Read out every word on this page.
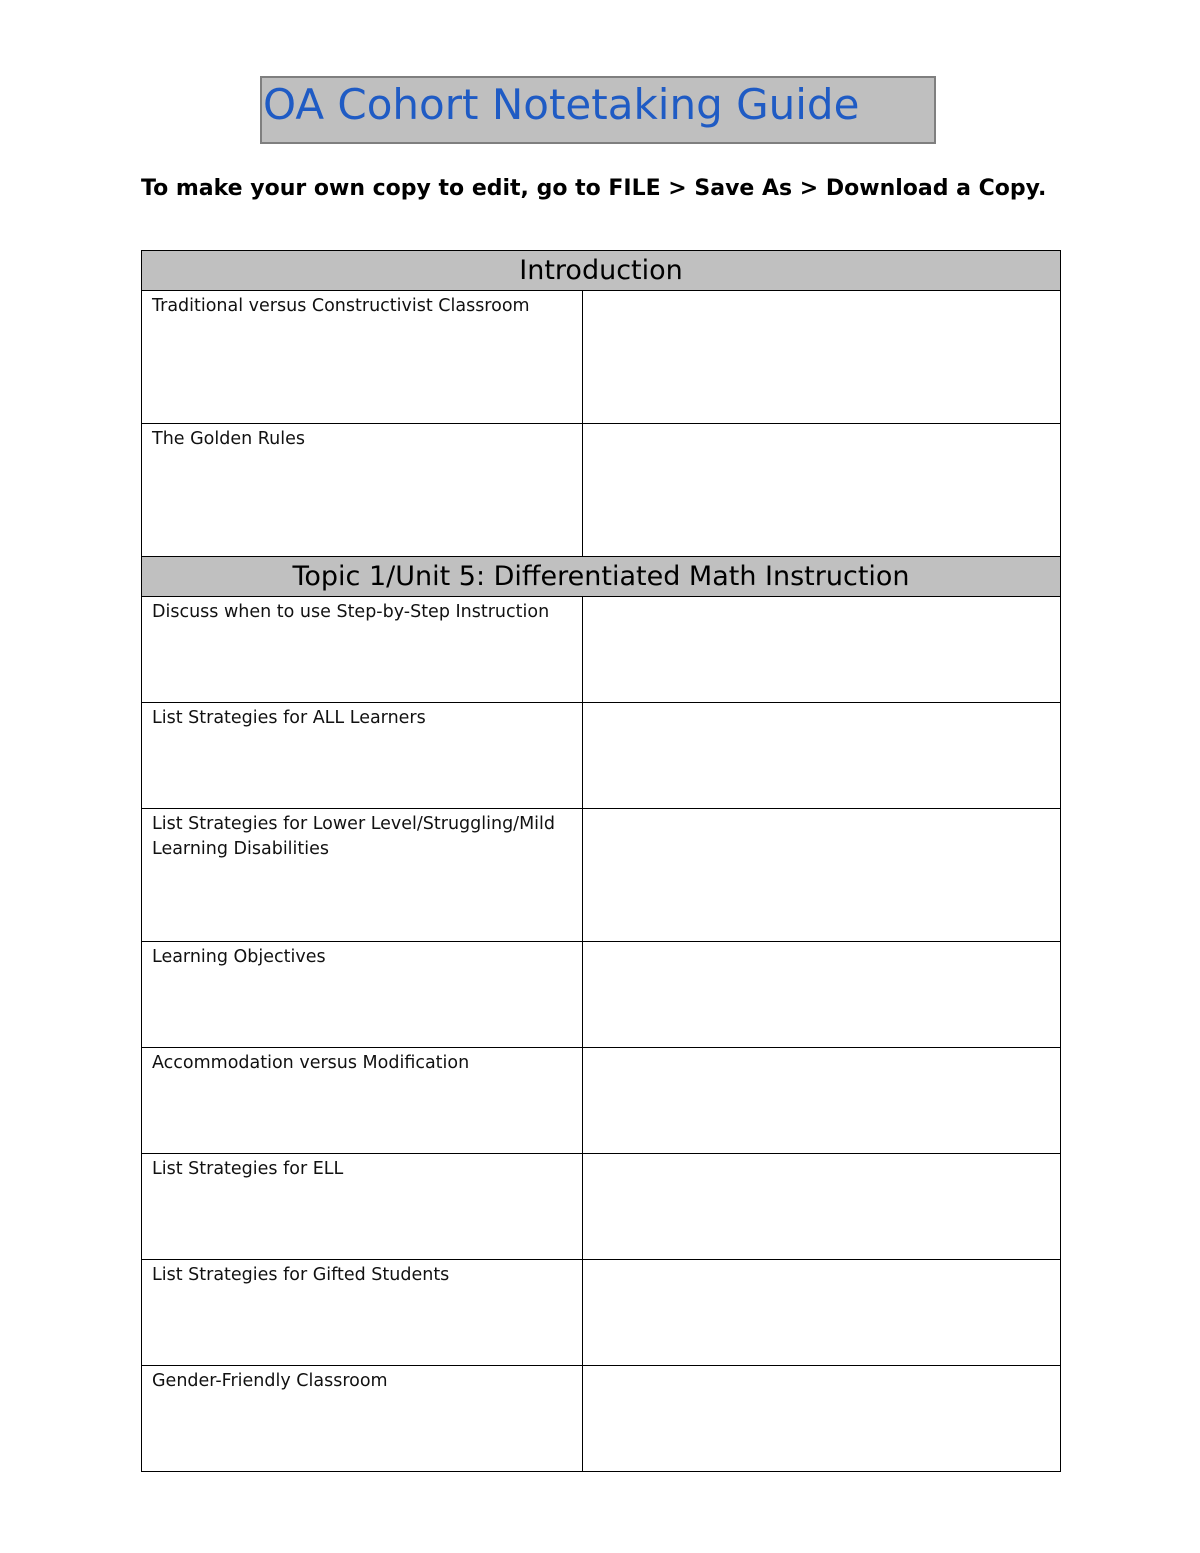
OA Cohort Notetaking Guide

To make your own copy to edit, go to FILE > Save As > Download a Copy.

Introduction	
Traditional versus Constructivist Classroom	
The Golden Rules	
Topic 1/Unit 5: Differentiated Math Instruction	
Discuss when to use Step-by-Step Instruction	
List Strategies for ALL Learners	
List Strategies for Lower Level/Struggling/Mild Learning Disabilities	
Learning Objectives	
Accommodation versus Modification	
List Strategies for ELL	
List Strategies for Gifted Students	
Gender-Friendly Classroom	
